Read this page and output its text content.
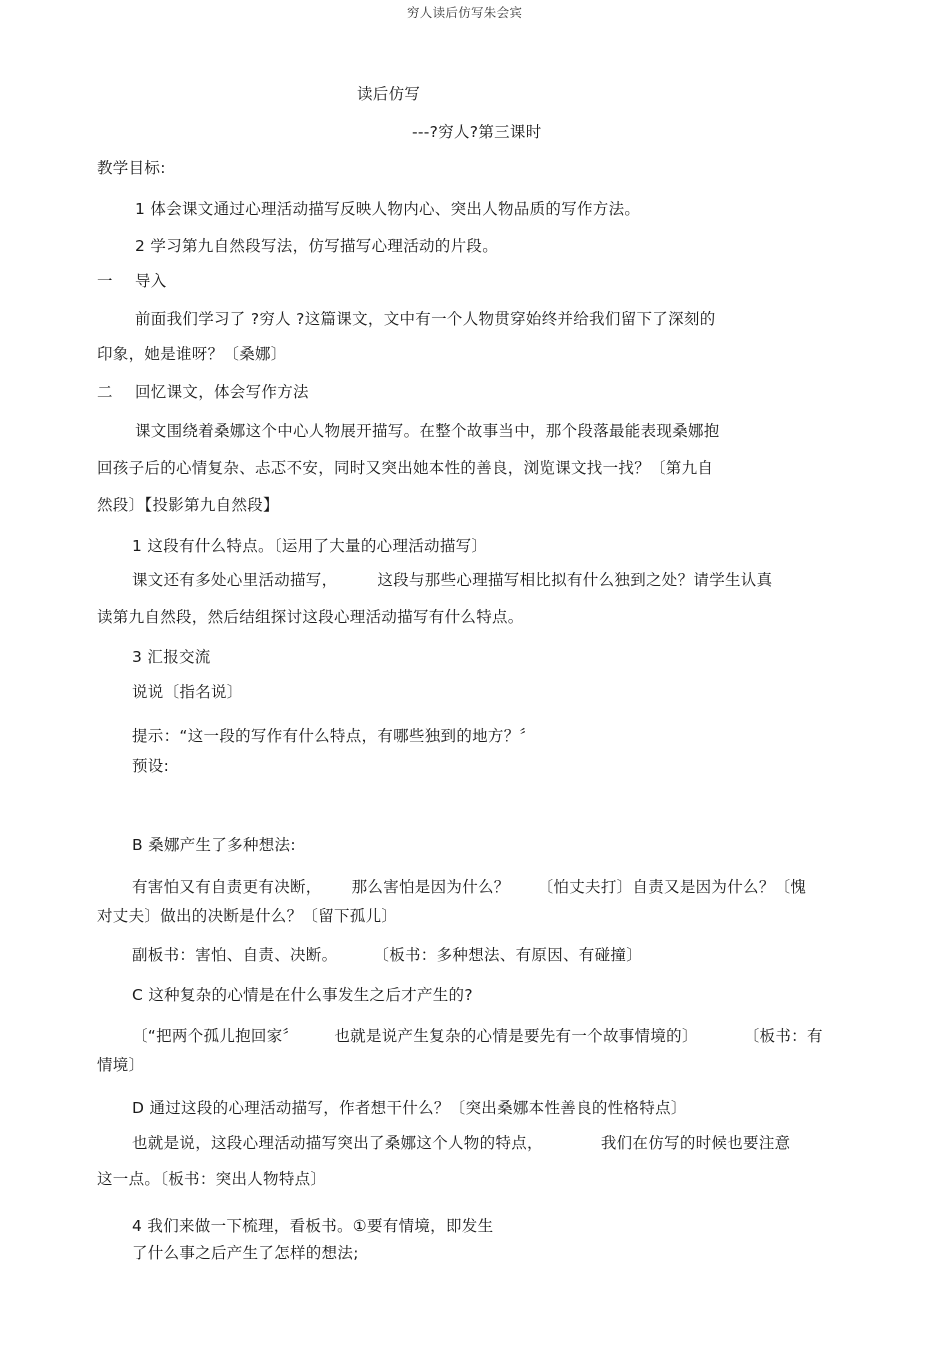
穷人读后仿写朱会宾
读后仿写
---?穷人?第三课时
教学目标:
1 体会课文通过心理活动描写反映人物内心、突出人物品质的写作方法。
2 学习第九自然段写法，仿写描写心理活动的片段。
一 导入
前面我们学习了 ?穷人 ?这篇课文，文中有一个人物贯穿始终并给我们留下了深刻的
印象，她是谁呀？〔桑娜〕
二 回忆课文，体会写作方法
课文围绕着桑娜这个中心人物展开描写。在整个故事当中，那个段落最能表现桑娜抱
回孩子后的心情复杂、忐忑不安，同时又突出她本性的善良，浏览课文找一找？〔第九自
然段〕【投影第九自然段】
1 这段有什么特点。〔运用了大量的心理活动描写〕
课文还有多处心里活动描写，	这段与那些心理描写相比拟有什么独到之处？请学生认真
读第九自然段，然后结组探讨这段心理活动描写有什么特点。
3 汇报交流
说说〔指名说〕
提示：“这一段的写作有什么特点，有哪些独到的地方？〞
预设:
B 桑娜产生了多种想法:
有害怕又有自责更有决断， 那么害怕是因为什么？ 〔怕丈夫打〕自责又是因为什么？〔愧
对丈夫〕做出的决断是什么？〔留下孤儿〕
副板书：害怕、自责、决断。 〔板书：多种想法、有原因、有碰撞〕
C 这种复杂的心情是在什么事发生之后才产生的?
〔“把两个孤儿抱回家〞 也就是说产生复杂的心情是要先有一个故事情境的〕	〔板书：有
情境〕
D 通过这段的心理活动描写，作者想干什么？〔突出桑娜本性善良的性格特点〕
也就是说，这段心理活动描写突出了桑娜这个人物的特点，	我们在仿写的时候也要注意
这一点。〔板书：突出人物特点〕
4 我们来做一下梳理，看板书。①要有情境，即发生
了什么事之后产生了怎样的想法;
